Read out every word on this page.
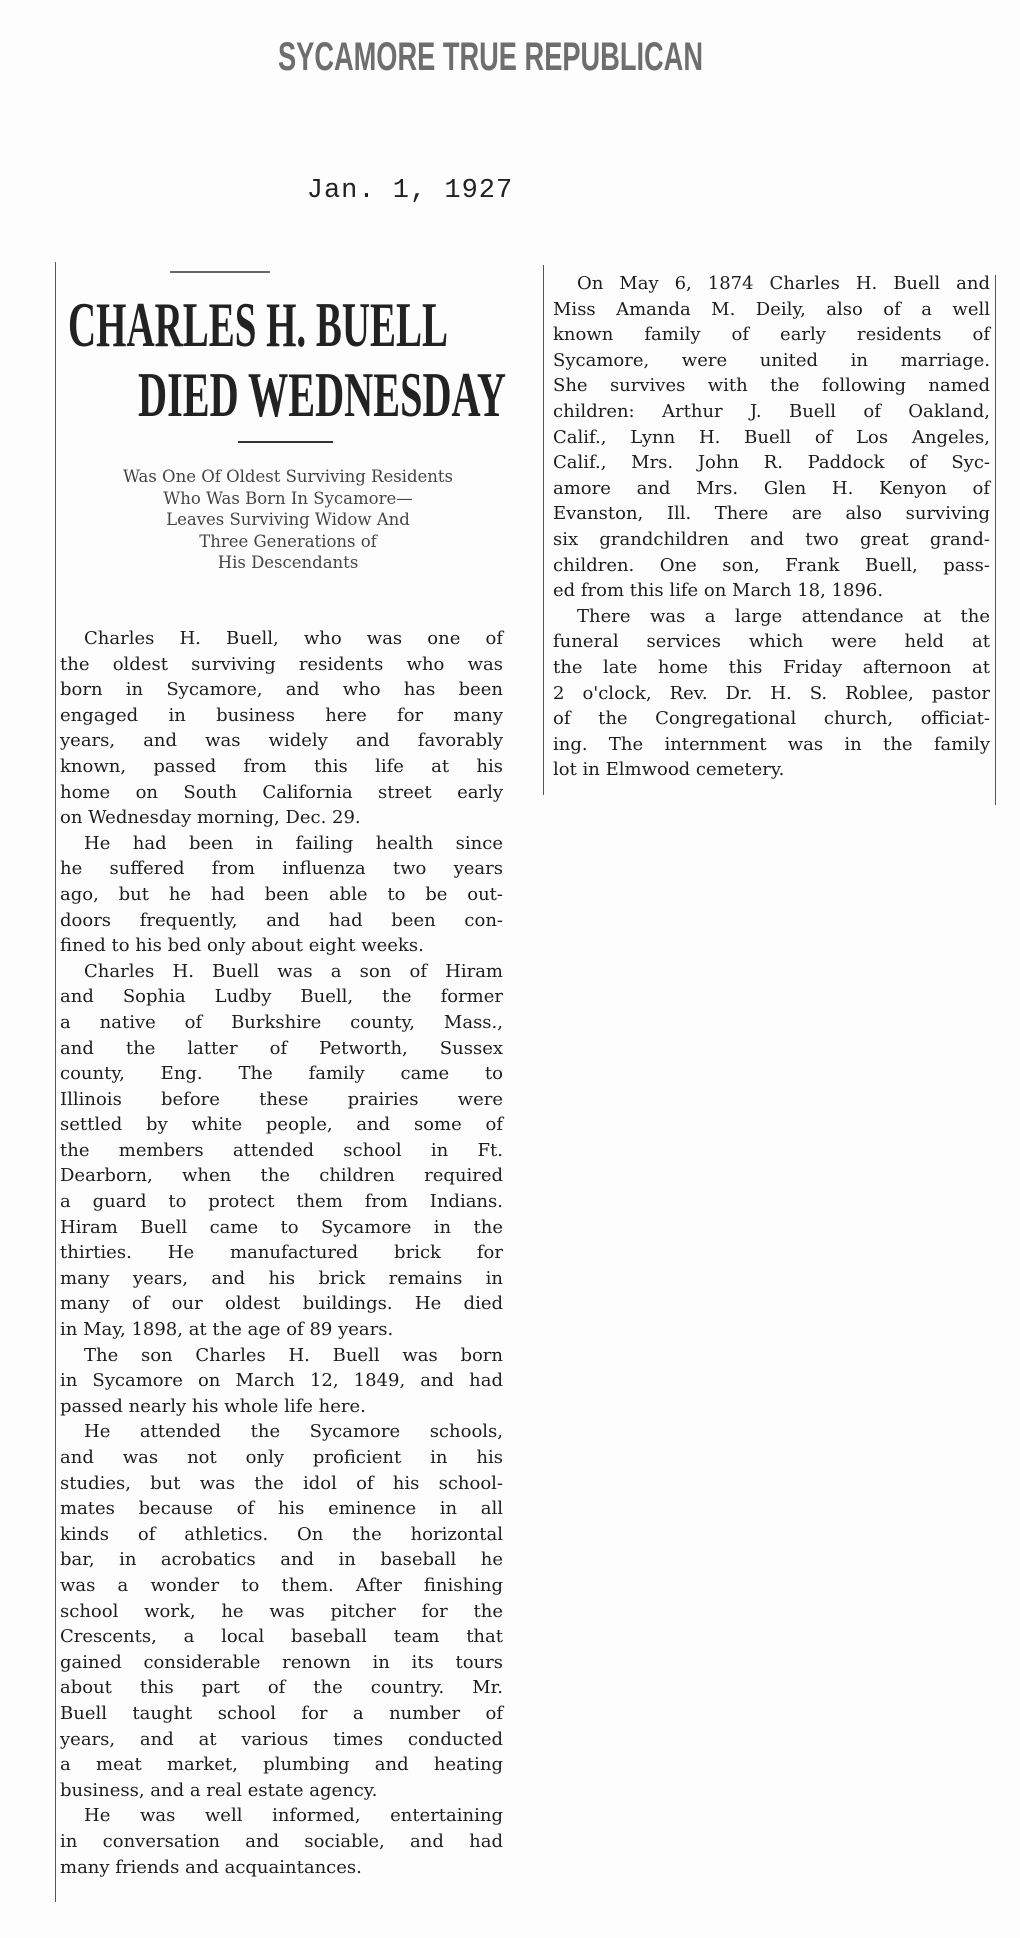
SYCAMORE TRUE REPUBLICAN
Jan. 1, 1927
CHARLES H. BUELL
DIED WEDNESDAY
Was One Of Oldest Surviving Residents
Who Was Born In Sycamore—
Leaves Surviving Widow And
Three Generations of
His Descendants
Charles H. Buell, who was one of
the oldest surviving residents who was
born in Sycamore, and who has been
engaged in business here for many
years, and was widely and favorably
known, passed from this life at his
home on South California street early
on Wednesday morning, Dec. 29.
He had been in failing health since
he suffered from influenza two years
ago, but he had been able to be out-
doors frequently, and had been con-
fined to his bed only about eight weeks.
Charles H. Buell was a son of Hiram
and Sophia Ludby Buell, the former
a native of Burkshire county, Mass.,
and the latter of Petworth, Sussex
county, Eng. The family came to
Illinois before these prairies were
settled by white people, and some of
the members attended school in Ft.
Dearborn, when the children required
a guard to protect them from Indians.
Hiram Buell came to Sycamore in the
thirties. He manufactured brick for
many years, and his brick remains in
many of our oldest buildings. He died
in May, 1898, at the age of 89 years.
The son Charles H. Buell was born
in Sycamore on March 12, 1849, and had
passed nearly his whole life here.
He attended the Sycamore schools,
and was not only proficient in his
studies, but was the idol of his school-
mates because of his eminence in all
kinds of athletics. On the horizontal
bar, in acrobatics and in baseball he
was a wonder to them. After finishing
school work, he was pitcher for the
Crescents, a local baseball team that
gained considerable renown in its tours
about this part of the country. Mr.
Buell taught school for a number of
years, and at various times conducted
a meat market, plumbing and heating
business, and a real estate agency.
He was well informed, entertaining
in conversation and sociable, and had
many friends and acquaintances.
On May 6, 1874 Charles H. Buell and
Miss Amanda M. Deily, also of a well
known family of early residents of
Sycamore, were united in marriage.
She survives with the following named
children: Arthur J. Buell of Oakland,
Calif., Lynn H. Buell of Los Angeles,
Calif., Mrs. John R. Paddock of Syc-
amore and Mrs. Glen H. Kenyon of
Evanston, Ill. There are also surviving
six grandchildren and two great grand-
children. One son, Frank Buell, pass-
ed from this life on March 18, 1896.
There was a large attendance at the
funeral services which were held at
the late home this Friday afternoon at
2 o'clock, Rev. Dr. H. S. Roblee, pastor
of the Congregational church, officiat-
ing. The internment was in the family
lot in Elmwood cemetery.
